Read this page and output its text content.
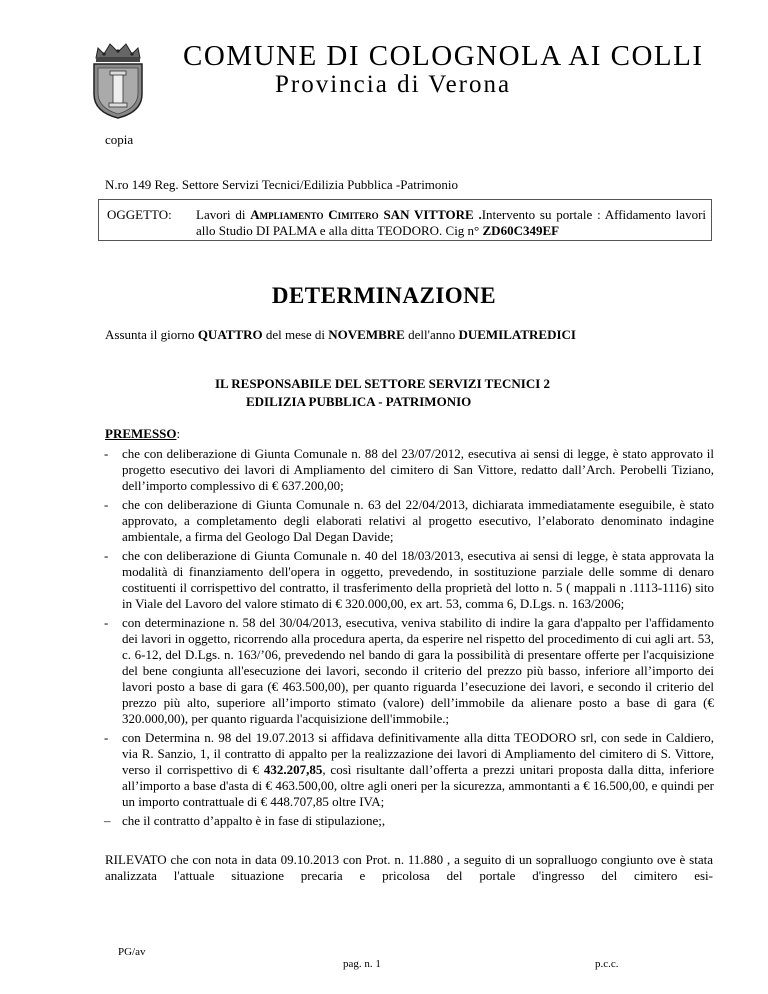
COMUNE DI COLOGNOLA AI COLLI
Provincia di Verona
copia
N.ro 149 Reg. Settore Servizi Tecnici/Edilizia Pubblica -Patrimonio
OGGETTO: Lavori di Ampliamento Cimitero SAN VITTORE .Intervento su portale : Affidamento lavori allo Studio DI PALMA e alla ditta TEODORO. Cig n° ZD60C349EF
DETERMINAZIONE
Assunta il giorno QUATTRO del mese di NOVEMBRE dell'anno DUEMILATREDICI
IL RESPONSABILE DEL SETTORE SERVIZI TECNICI 2
EDILIZIA PUBBLICA - PATRIMONIO
PREMESSO:
- che con deliberazione di Giunta Comunale n. 88 del 23/07/2012, esecutiva ai sensi di legge, è stato approvato il progetto esecutivo dei lavori di Ampliamento del cimitero di San Vittore, redatto dall’Arch. Perobelli Tiziano, dell’importo complessivo di € 637.200,00;
- che con deliberazione di Giunta Comunale n. 63 del 22/04/2013, dichiarata immediatamente eseguibile, è stato approvato, a completamento degli elaborati relativi al progetto esecutivo, l’elaborato denominato indagine ambientale, a firma del Geologo Dal Degan Davide;
- che con deliberazione di Giunta Comunale n. 40 del 18/03/2013, esecutiva ai sensi di legge, è stata approvata la modalità di finanziamento dell'opera in oggetto, prevedendo, in sostituzione parziale delle somme di denaro costituenti il corrispettivo del contratto, il trasferimento della proprietà del lotto n. 5 ( mappali n .1113-1116) sito in Viale del Lavoro del valore stimato di € 320.000,00, ex art. 53, comma 6, D.Lgs. n. 163/2006;
- con determinazione n. 58 del 30/04/2013, esecutiva, veniva stabilito di indire la gara d'appalto per l'affidamento dei lavori in oggetto, ricorrendo alla procedura aperta, da esperire nel rispetto del procedimento di cui agli art. 53, c. 6-12, del D.Lgs. n. 163/’06, prevedendo nel bando di gara la possibilità di presentare offerte per l'acquisizione del bene congiunta all'esecuzione dei lavori, secondo il criterio del prezzo più basso, inferiore all’importo dei lavori posto a base di gara (€ 463.500,00), per quanto riguarda l’esecuzione dei lavori, e secondo il criterio del prezzo più alto, superiore all’importo stimato (valore) dell’immobile da alienare posto a base di gara (€ 320.000,00), per quanto riguarda l'acquisizione dell'immobile.;
- con Determina n. 98 del 19.07.2013 si affidava definitivamente alla ditta TEODORO srl, con sede in Caldiero, via R. Sanzio, 1, il contratto di appalto per la realizzazione dei lavori di Ampliamento del cimitero di S. Vittore, verso il corrispettivo di € 432.207,85, così risultante dall’offerta a prezzi unitari proposta dalla ditta, inferiore all’importo a base d'asta di € 463.500,00, oltre agli oneri per la sicurezza, ammontanti a € 16.500,00, e quindi per un importo contrattuale di € 448.707,85 oltre IVA;
– che il contratto d’appalto è in fase di stipulazione;,
RILEVATO che con nota in data 09.10.2013 con Prot. n. 11.880 , a seguito di un sopralluogo congiunto ove è stata analizzata l'attuale situazione precaria e pricolosa del portale d'ingresso del cimitero esi-
PG/av
pag. n. 1	p.c.c.
